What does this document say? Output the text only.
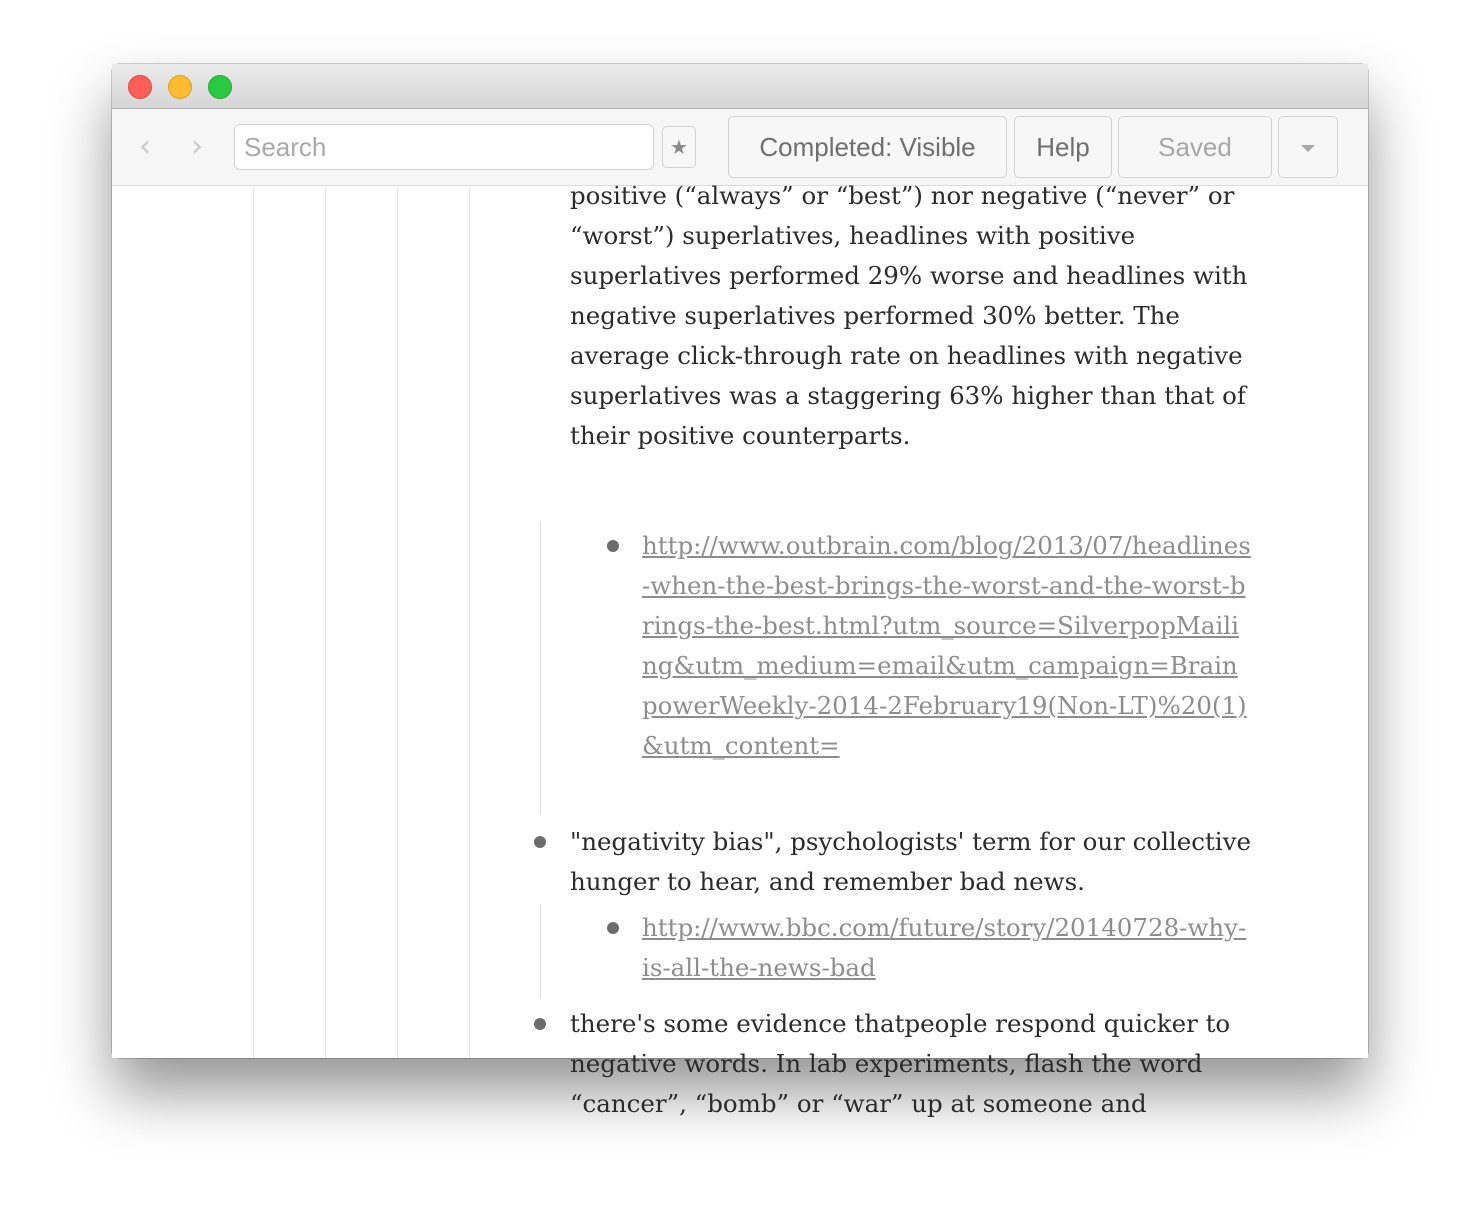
‹ ›
Search	★	Completed: Visible	Help	Saved

positive (“always” or “best”) nor negative (“never” or “worst”) superlatives, headlines with positive superlatives performed 29% worse and headlines with negative superlatives performed 30% better. The average click-through rate on headlines with negative superlatives was a staggering 63% higher than that of their positive counterparts.

http://www.outbrain.com/blog/2013/07/headlines-when-the-best-brings-the-worst-and-the-worst-brings-the-best.html?utm_source=SilverpopMailing&utm_medium=email&utm_campaign=BrainpowerWeekly-2014-2February19(Non-LT)%20(1)&utm_content=

"negativity bias", psychologists' term for our collective hunger to hear, and remember bad news.

http://www.bbc.com/future/story/20140728-why-is-all-the-news-bad

there's some evidence thatpeople respond quicker to negative words. In lab experiments, flash the word “cancer”, “bomb” or “war” up at someone and
